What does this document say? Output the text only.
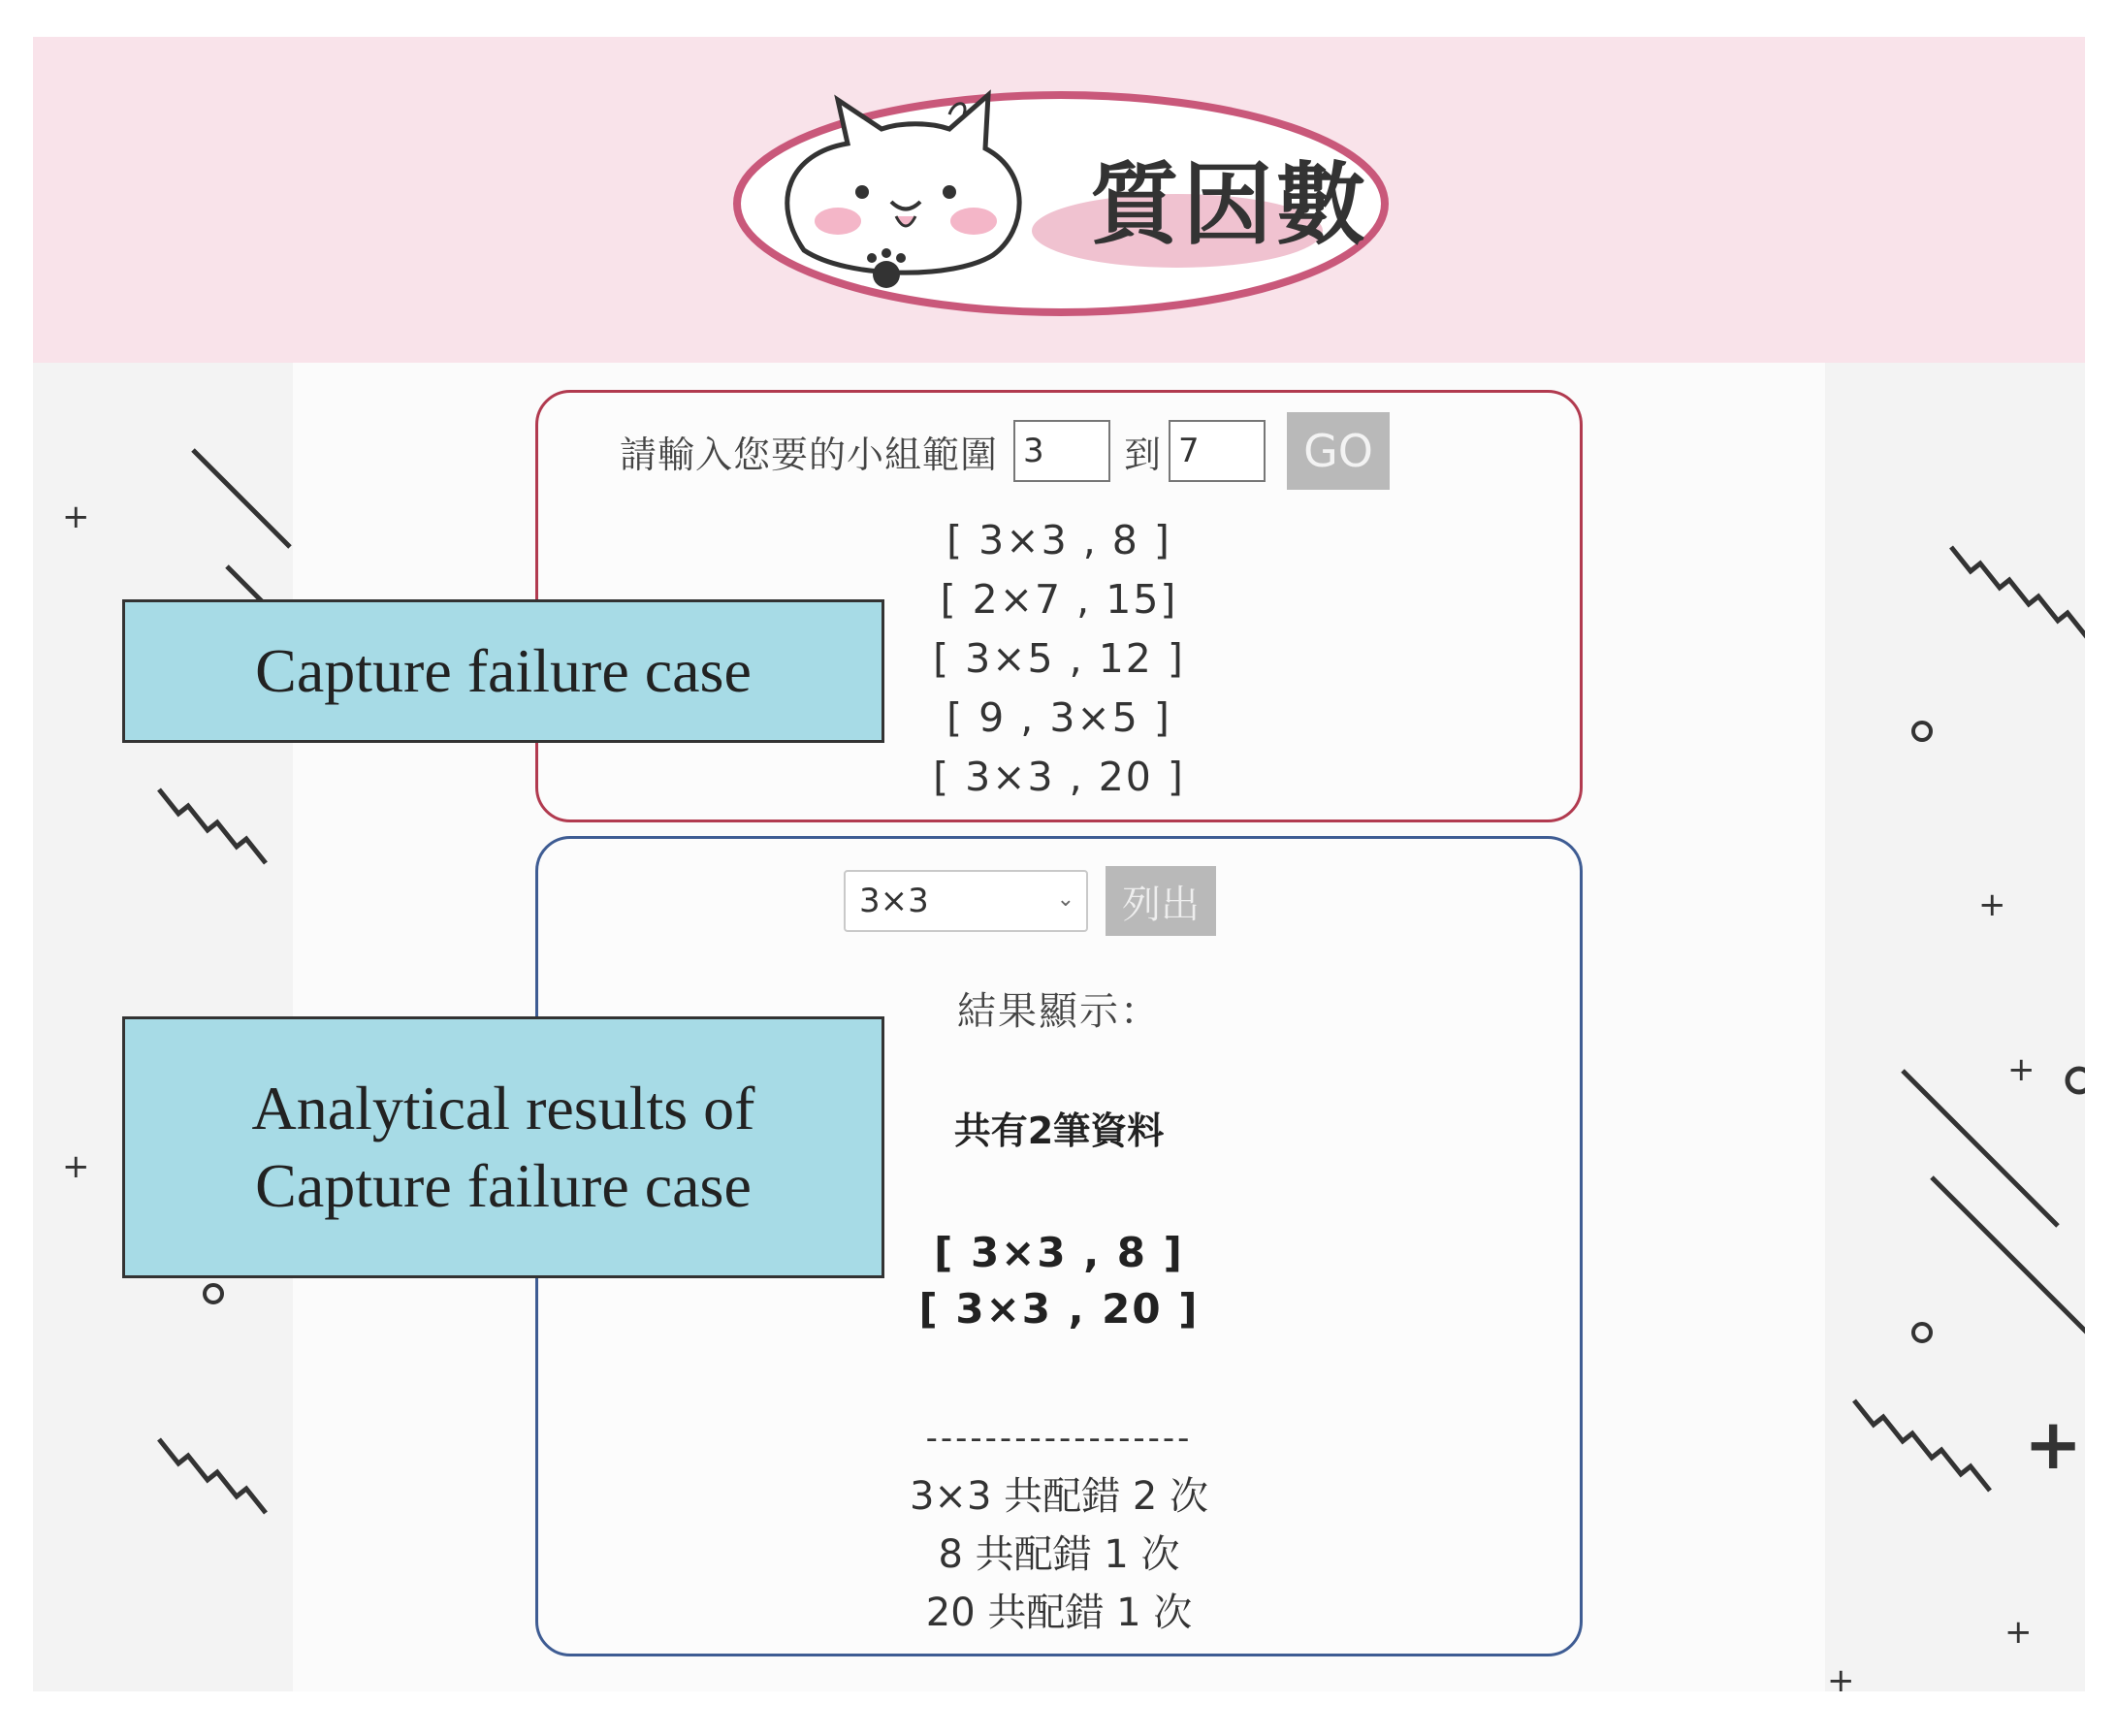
質因數
+
+
+
+
+
+
+
請輸入您要的小組範圍
3	到
7	GO
[ 3×3 , 8 ]
[ 2×7 , 15]
[ 3×5 , 12 ]
[ 9 , 3×5 ]
[ 3×3 , 20 ]
3×3	⌄	列出
結果顯示：
共有2筆資料
[ 3×3 , 8 ]
[ 3×3 , 20 ]
------------------
3×3 共配錯 2 次
8 共配錯 1 次
20 共配錯 1 次
Capture failure case
Analytical results of
Capture failure case
